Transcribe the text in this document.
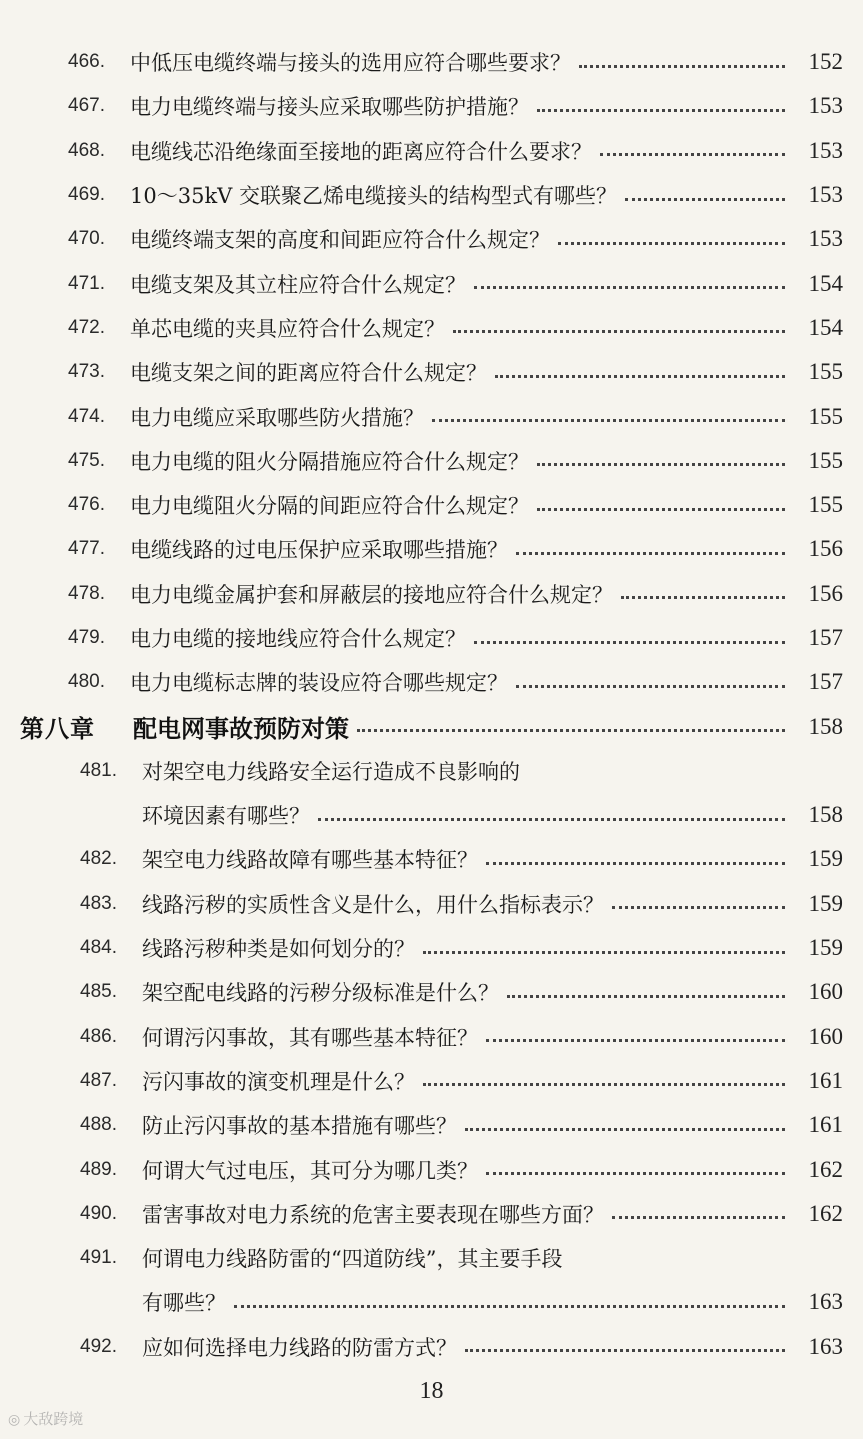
466.	中低压电缆终端与接头的选用应符合哪些要求？	152
467.	电力电缆终端与接头应采取哪些防护措施？	153
468.	电缆线芯沿绝缘面至接地的距离应符合什么要求？	153
469.	10～35kV 交联聚乙烯电缆接头的结构型式有哪些？	153
470.	电缆终端支架的高度和间距应符合什么规定？	153
471.	电缆支架及其立柱应符合什么规定？	154
472.	单芯电缆的夹具应符合什么规定？	154
473.	电缆支架之间的距离应符合什么规定？	155
474.	电力电缆应采取哪些防火措施？	155
475.	电力电缆的阻火分隔措施应符合什么规定？	155
476.	电力电缆阻火分隔的间距应符合什么规定？	155
477.	电缆线路的过电压保护应采取哪些措施？	156
478.	电力电缆金属护套和屏蔽层的接地应符合什么规定？	156
479.	电力电缆的接地线应符合什么规定？	157
480.	电力电缆标志牌的装设应符合哪些规定？	157
第八章 配电网事故预防对策	158
481.	对架空电力线路安全运行造成不良影响的
环境因素有哪些？	158
482.	架空电力线路故障有哪些基本特征？	159
483.	线路污秽的实质性含义是什么，用什么指标表示？	159
484.	线路污秽种类是如何划分的？	159
485.	架空配电线路的污秽分级标准是什么？	160
486.	何谓污闪事故，其有哪些基本特征？	160
487.	污闪事故的演变机理是什么？	161
488.	防止污闪事故的基本措施有哪些？	161
489.	何谓大气过电压，其可分为哪几类？	162
490.	雷害事故对电力系统的危害主要表现在哪些方面？	162
491.	何谓电力线路防雷的“四道防线”，其主要手段
有哪些？	163
492.	应如何选择电力线路的防雷方式？	163
18
◎ 大敌跨境
